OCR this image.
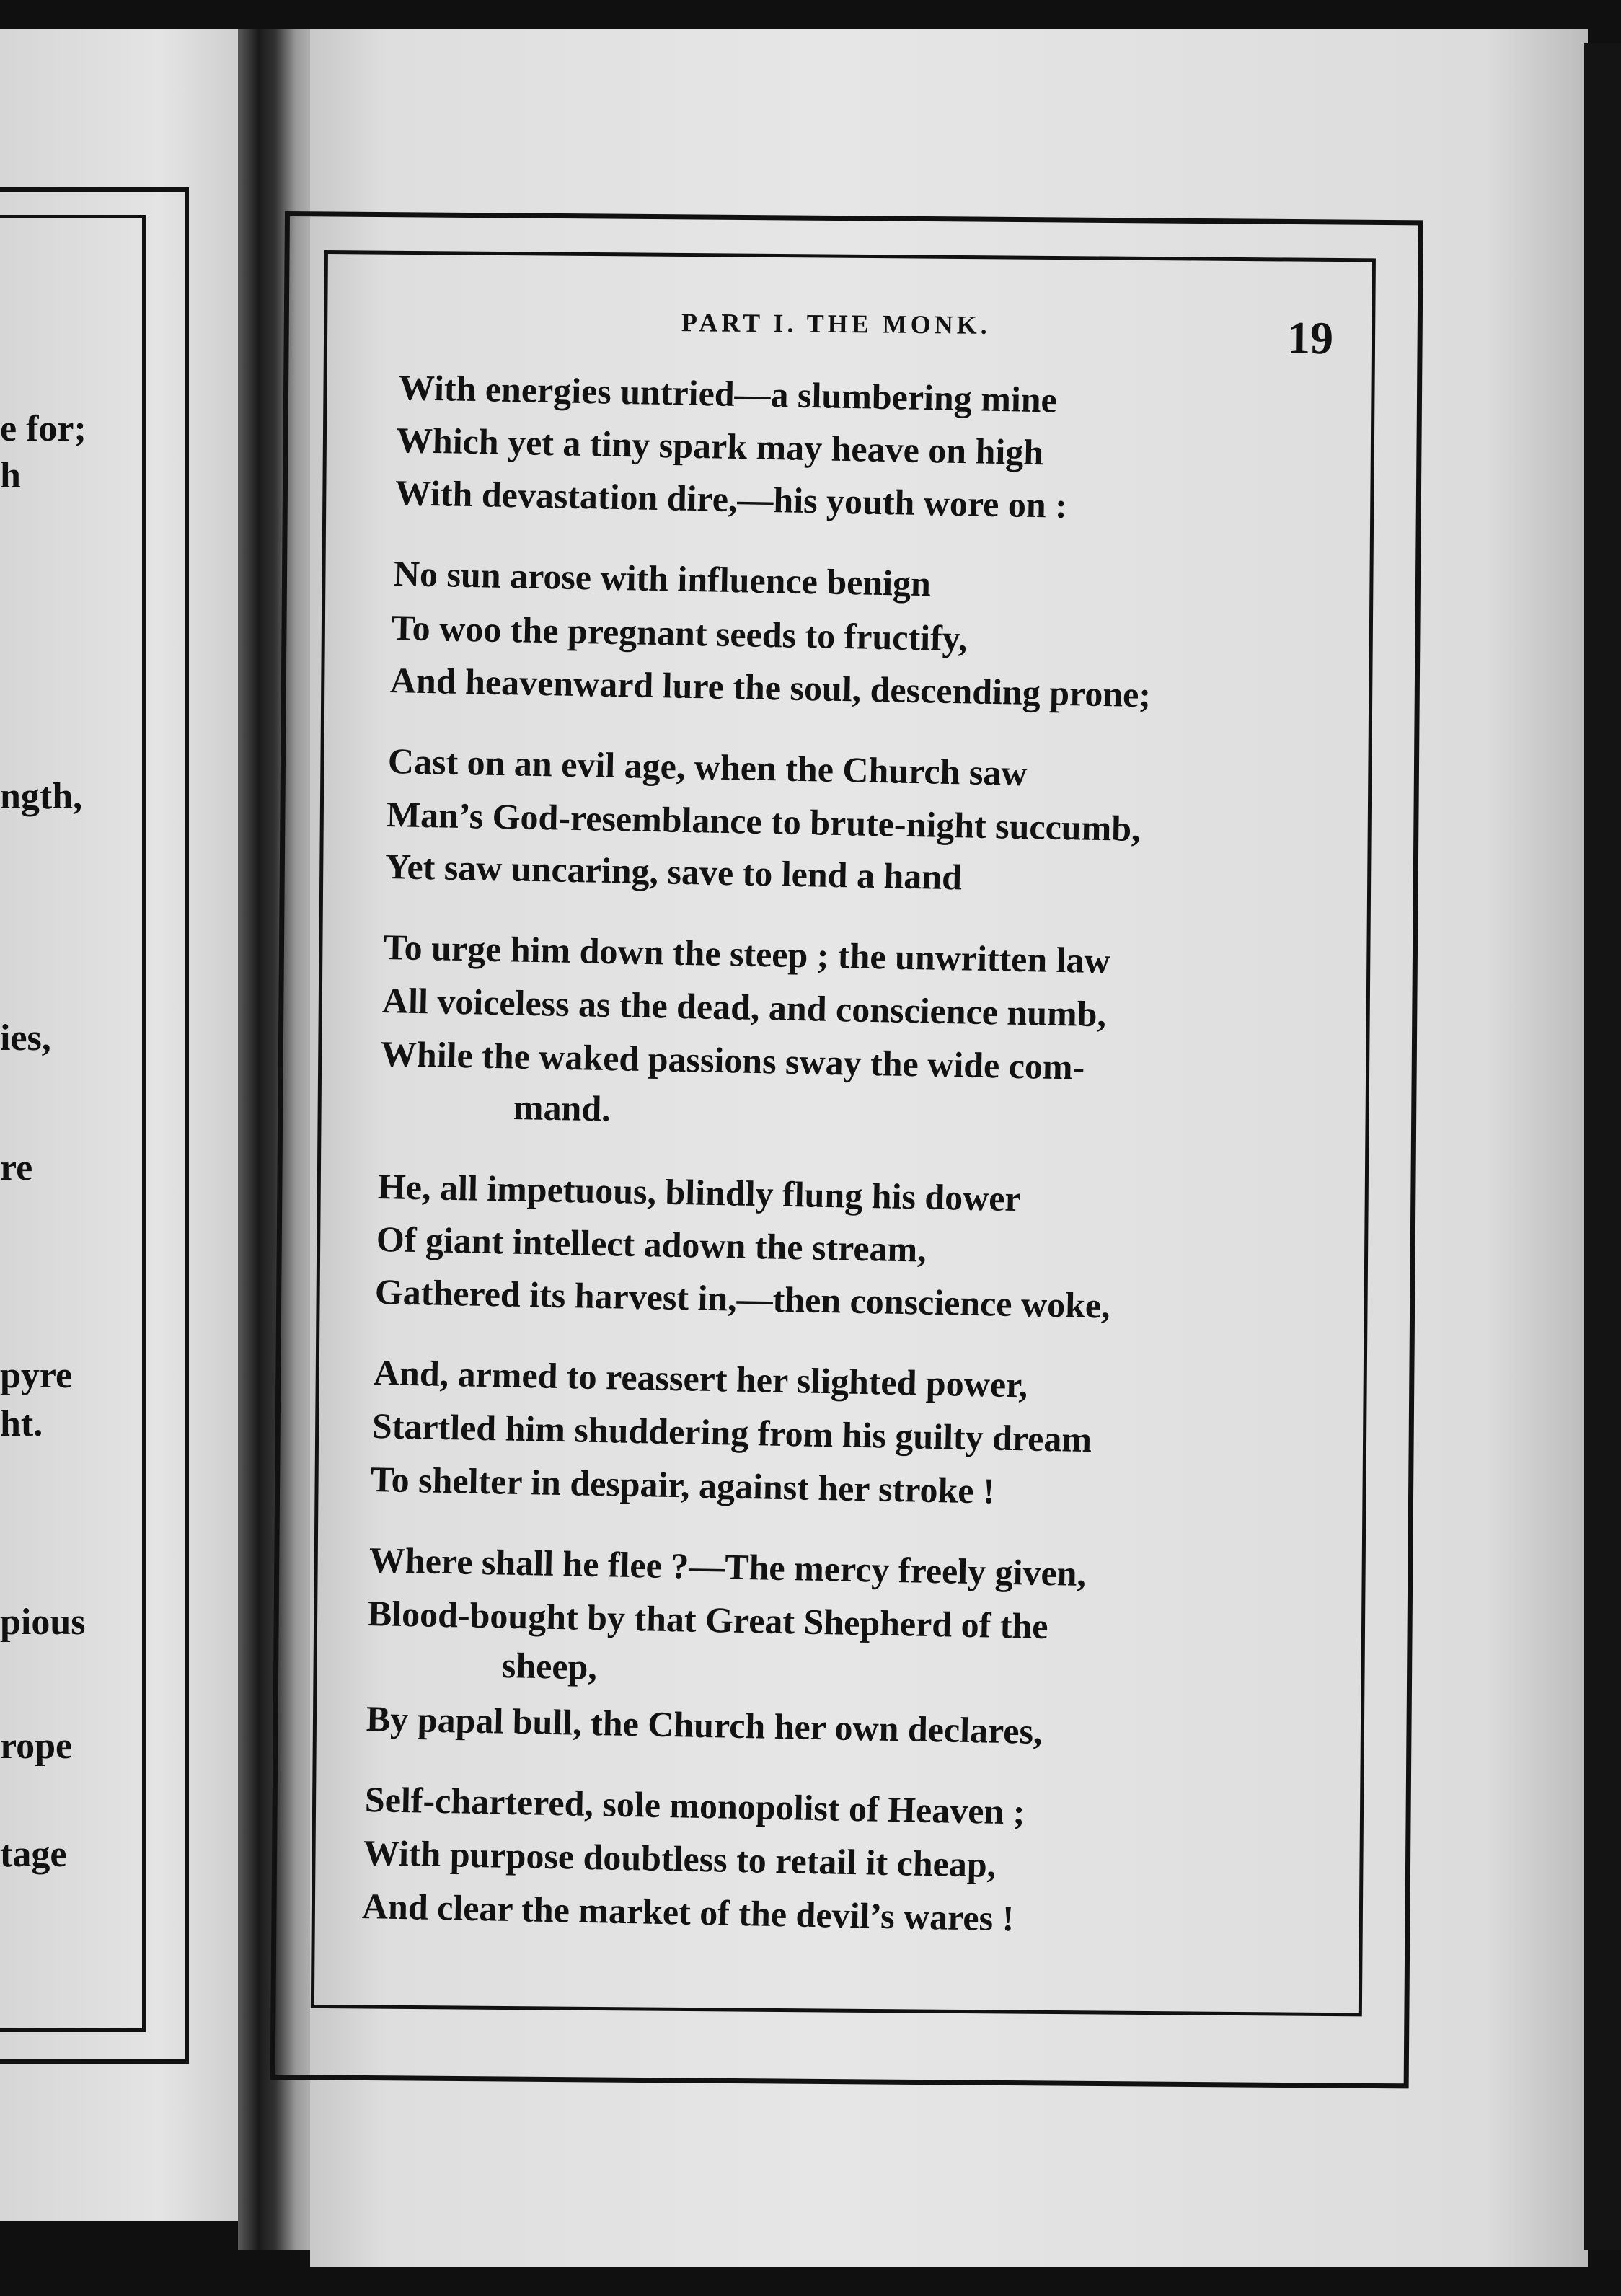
e for;
h
ngth,
ies,
re
pyre
ht.
pious
rope
tage
PART I. THE MONK.	19
With energies untried—a slumbering mine
Which yet a tiny spark may heave on high
With devastation dire,—his youth wore on :
No sun arose with influence benign
To woo the pregnant seeds to fructify,
And heavenward lure the soul, descending prone;
Cast on an evil age, when the Church saw
Man’s God-resemblance to brute-night succumb,
Yet saw uncaring, save to lend a hand
To urge him down the steep ; the unwritten law
All voiceless as the dead, and conscience numb,
While the waked passions sway the wide com-
mand.
He, all impetuous, blindly flung his dower
Of giant intellect adown the stream,
Gathered its harvest in,—then conscience woke,
And, armed to reassert her slighted power,
Startled him shuddering from his guilty dream
To shelter in despair, against her stroke !
Where shall he flee ?—The mercy freely given,
Blood-bought by that Great Shepherd of the
sheep,
By papal bull, the Church her own declares,
Self-chartered, sole monopolist of Heaven ;
With purpose doubtless to retail it cheap,
And clear the market of the devil’s wares !
